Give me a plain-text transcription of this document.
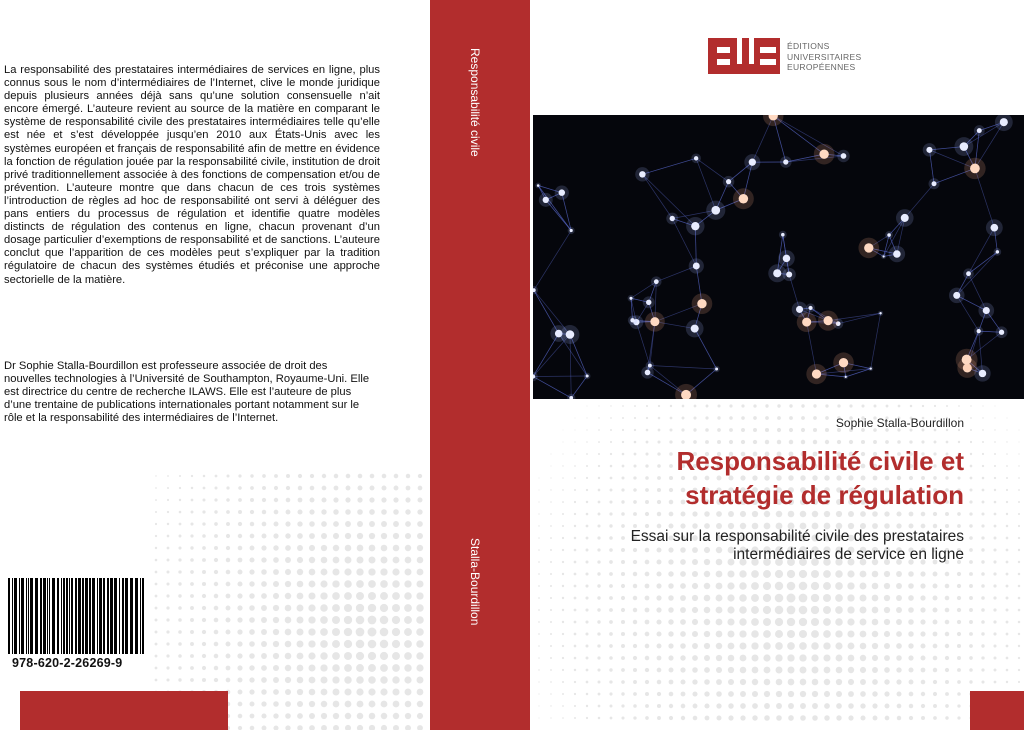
La responsabilité des prestataires intermédiaires de services en ligne, plus connus sous le nom d’intermédiaires de l’Internet, clive le monde juridique depuis plusieurs années déjà sans qu’une solution consensuelle n’ait encore émergé. L’auteure revient au source de la matière en comparant le système de responsabilité civile des prestataires intermédiaires telle qu’elle est née et s’est développée jusqu’en 2010 aux États-Unis avec les systèmes européen et français de responsabilité afin de mettre en évidence la fonction de régulation jouée par la responsabilité civile, institution de droit privé traditionnellement associée à des fonctions de compensation et/ou de prévention. L’auteure montre que dans chacun de ces trois systèmes l’introduction de règles ad hoc de responsabilité ont servi à déléguer des pans entiers du processus de régulation et identifie quatre modèles distincts de régulation des contenus en ligne, chacun provenant d’un dosage particulier d’exemptions de responsabilité et de sanctions. L’auteure conclut que l’apparition de ces modèles peut s’expliquer par la tradition régulatoire de chacun des systèmes étudiés et préconise une approche sectorielle de la matière.

Dr Sophie Stalla-Bourdillon est professeure associée de droit des nouvelles technologies à l’Université de Southampton, Royaume-Uni. Elle est directrice du centre de recherche ILAWS. Elle est l’auteure de plus d’une trentaine de publications internationales portant notamment sur le rôle et la responsabilité des intermédiaires de l’Internet.

978-620-2-26269-9
Responsabilité civile
Stalla-Bourdillon
ÉDITIONS
UNIVERSITAIRES
EUROPÉENNES
Sophie Stalla-Bourdillon
Responsabilité civile et
stratégie de régulation

Essai sur la responsabilité civile des prestataires intermédiaires de service en ligne
